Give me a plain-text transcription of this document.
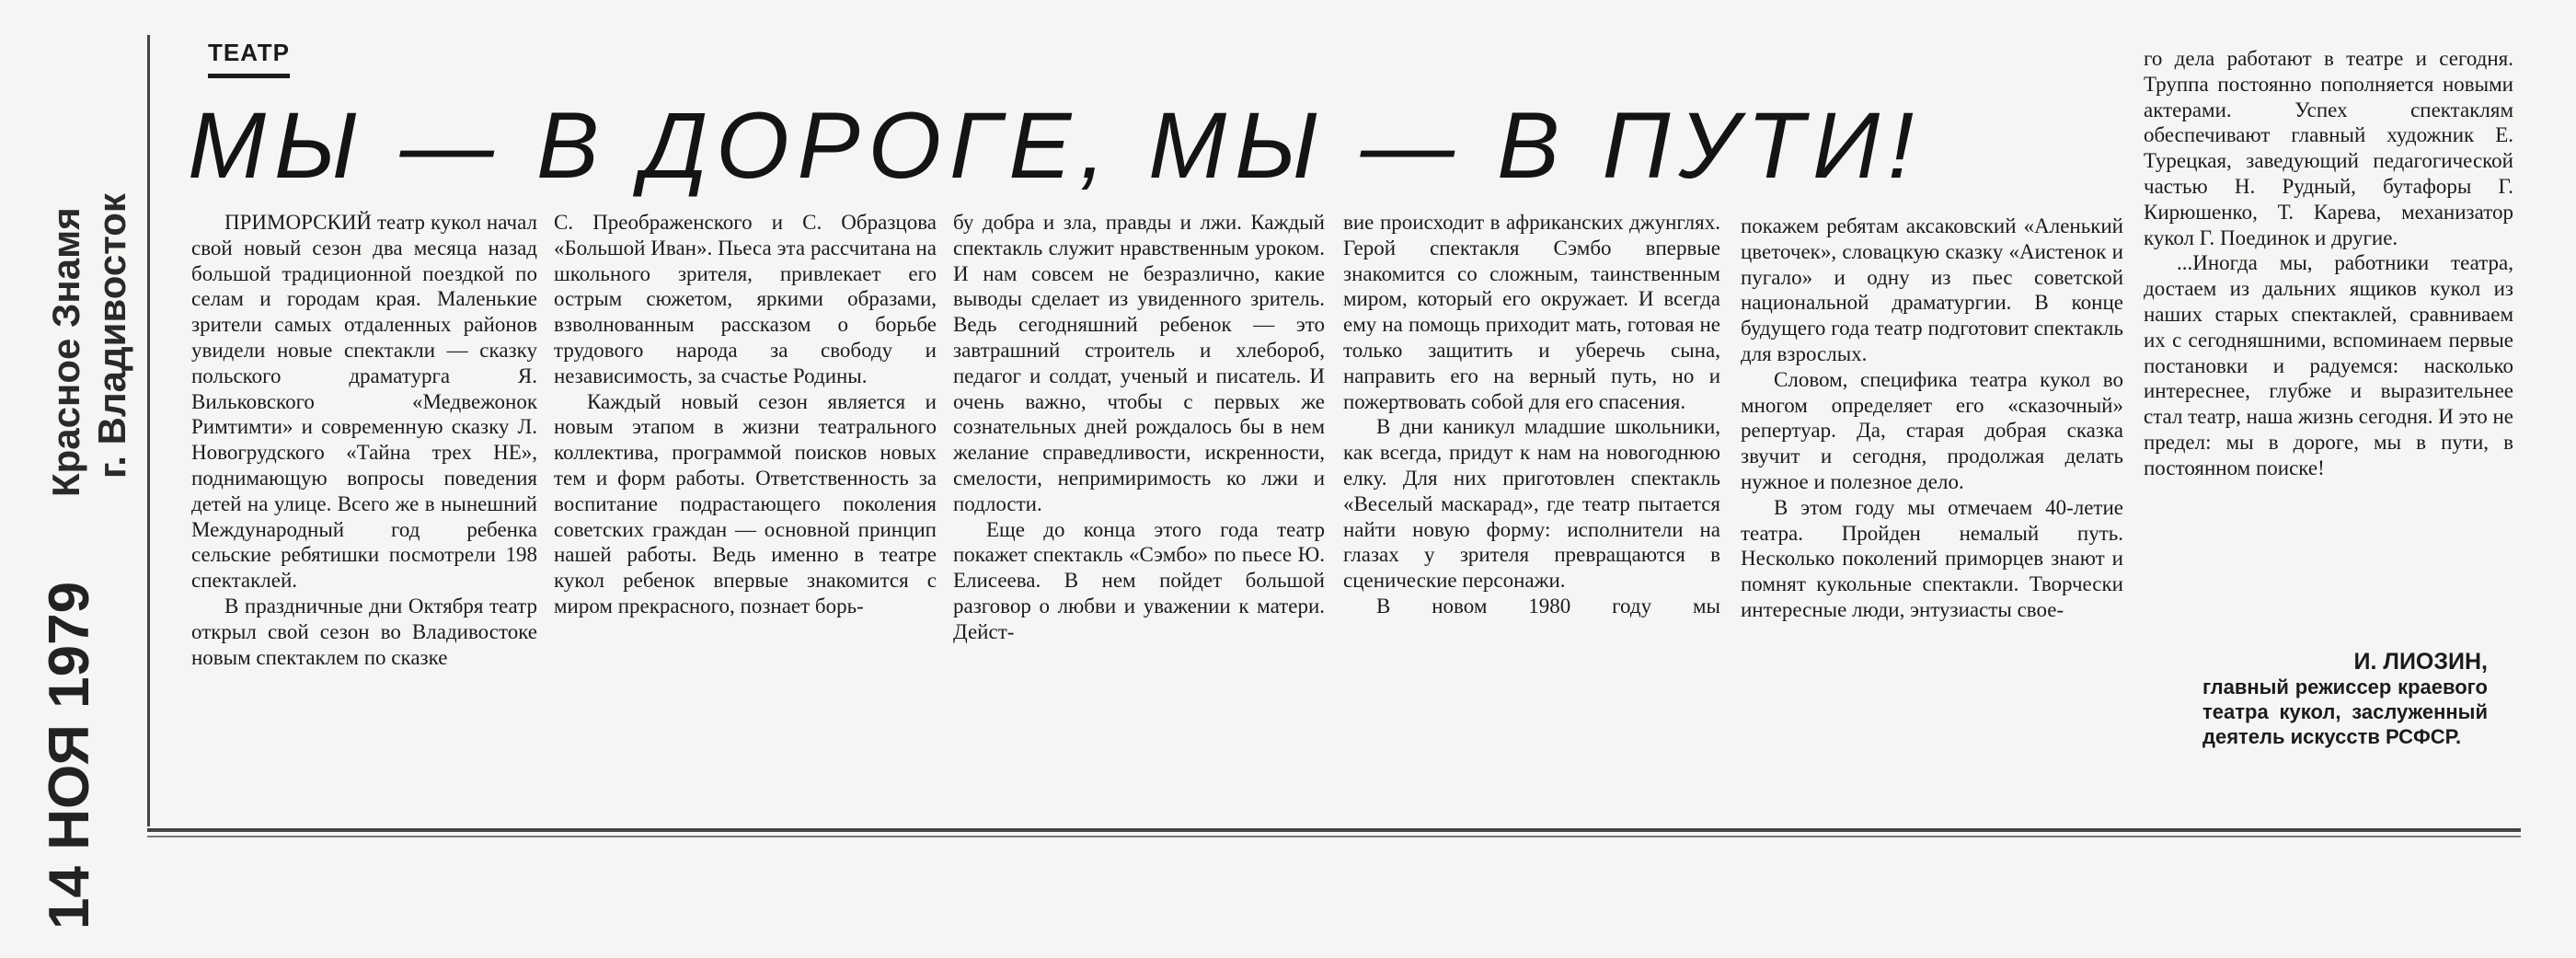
Красное Знамя г. Владивосток
14 НОЯ 1979
ТЕАТР
МЫ — В ДОРОГЕ, МЫ — В ПУТИ!

ПРИМОРСКИЙ театр кукол начал свой новый сезон два месяца назад большой традиционной поездкой по селам и городам края. Маленькие зрители самых отдаленных районов увидели новые спектакли — сказку польского драматурга Я. Вильковского «Медвежонок Римтимти» и современную сказку Л. Новогрудского «Тайна трех НЕ», поднимающую вопросы поведения детей на улице. Всего же в нынешний Международный год ребенка сельские ребятишки посмотрели 198 спектаклей.

В праздничные дни Октября театр открыл свой сезон во Владивостоке новым спектаклем по сказке

С. Преображенского и С. Образцова «Большой Иван». Пьеса эта рассчитана на школьного зрителя, привлекает его острым сюжетом, яркими образами, взволнованным рассказом о борьбе трудового народа за свободу и независимость, за счастье Родины.

Каждый новый сезон является и новым этапом в жизни театрального коллектива, программой поисков новых тем и форм работы. Ответственность за воспитание подрастающего поколения советских граждан — основной принцип нашей работы. Ведь именно в театре кукол ребенок впервые знакомится с миром прекрасного, познает борь-

бу добра и зла, правды и лжи. Каждый спектакль служит нравственным уроком. И нам совсем не безразлично, какие выводы сделает из увиденного зритель. Ведь сегодняшний ребенок — это завтрашний строитель и хлебороб, педагог и солдат, ученый и писатель. И очень важно, чтобы с первых же сознательных дней рождалось бы в нем желание справедливости, искренности, смелости, непримиримость ко лжи и подлости.

Еще до конца этого года театр покажет спектакль «Сэмбо» по пьесе Ю. Елисеева. В нем пойдет большой разговор о любви и уважении к матери. Дейст-

вие происходит в африканских джунглях. Герой спектакля Сэмбо впервые знакомится со сложным, таинственным миром, который его окружает. И всегда ему на помощь приходит мать, готовая не только защитить и уберечь сына, направить его на верный путь, но и пожертвовать собой для его спасения.

В дни каникул младшие школьники, как всегда, придут к нам на новогоднюю елку. Для них приготовлен спектакль «Веселый маскарад», где театр пытается найти новую форму: исполнители на глазах у зрителя превращаются в сценические персонажи.

В новом 1980 году мы

покажем ребятам аксаковский «Аленький цветочек», словацкую сказку «Аистенок и пугало» и одну из пьес советской национальной драматургии. В конце будущего года театр подготовит спектакль для взрослых.

Словом, специфика театра кукол во многом определяет его «сказочный» репертуар. Да, старая добрая сказка звучит и сегодня, продолжая делать нужное и полезное дело.

В этом году мы отмечаем 40-летие театра. Пройден немалый путь. Несколько поколений приморцев знают и помнят кукольные спектакли. Творчески интересные люди, энтузиасты свое-

го дела работают в театре и сегодня. Труппа постоянно пополняется новыми актерами. Успех спектаклям обеспечивают главный художник Е. Турецкая, заведующий педагогической частью Н. Рудный, бутафоры Г. Кирюшенко, Т. Карева, механизатор кукол Г. Поединок и другие.

...Иногда мы, работники театра, достаем из дальних ящиков кукол из наших старых спектаклей, сравниваем их с сегодняшними, вспоминаем первые постановки и радуемся: насколько интереснее, глубже и выразительнее стал театр, наша жизнь сегодня. И это не предел: мы в дороге, мы в пути, в постоянном поиске!

И. ЛИОЗИН,
главный режиссер краевого театра кукол, заслуженный деятель искусств РСФСР.
